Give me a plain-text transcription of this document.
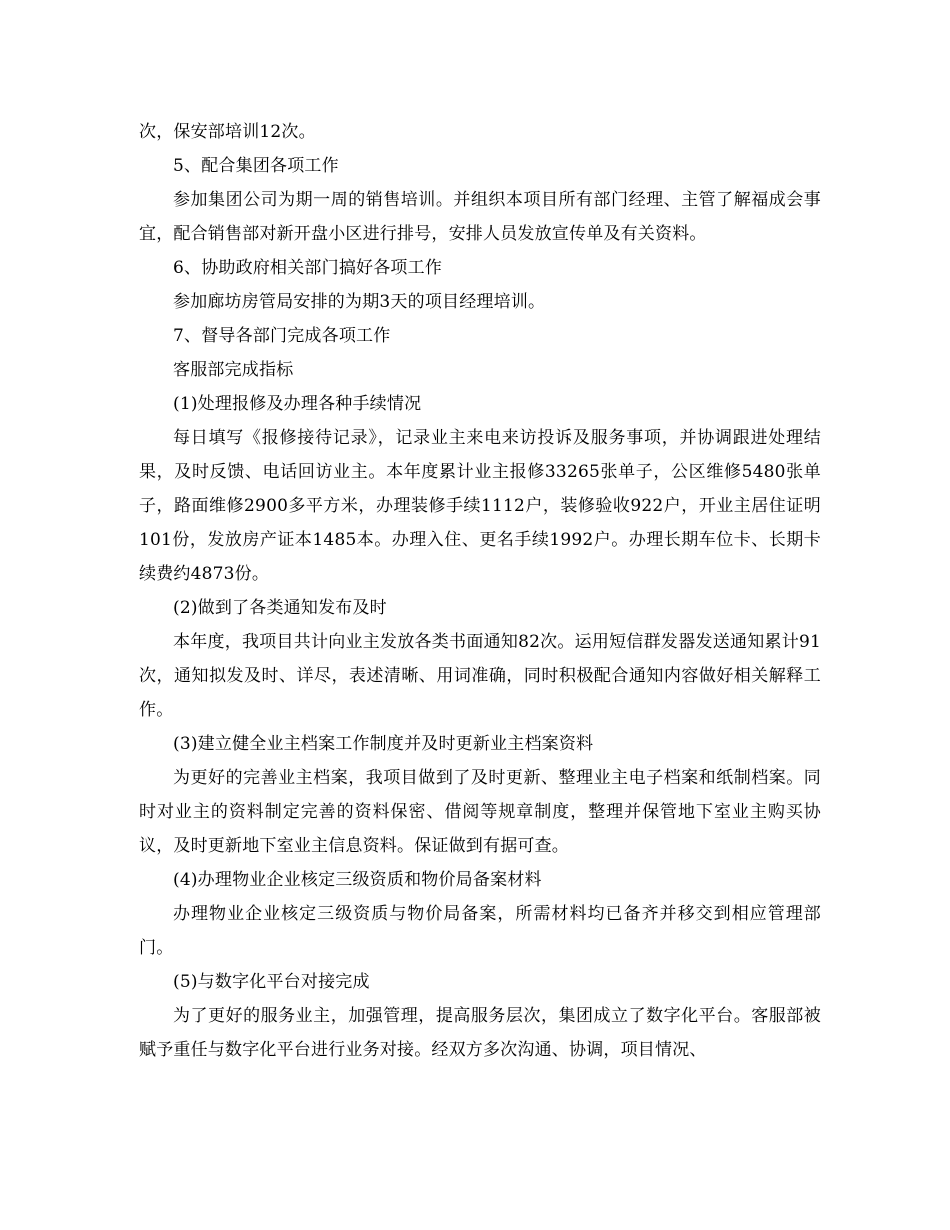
次，保安部培训12次。

5、配合集团各项工作

参加集团公司为期一周的销售培训。并组织本项目所有部门经理、主管了解福成会事宜，配合销售部对新开盘小区进行排号，安排人员发放宣传单及有关资料。

6、协助政府相关部门搞好各项工作

参加廊坊房管局安排的为期3天的项目经理培训。

7、督导各部门完成各项工作

客服部完成指标

(1)处理报修及办理各种手续情况

每日填写《报修接待记录》，记录业主来电来访投诉及服务事项，并协调跟进处理结果，及时反馈、电话回访业主。本年度累计业主报修33265张单子，公区维修5480张单子，路面维修2900多平方米，办理装修手续1112户，装修验收922户，开业主居住证明101份，发放房产证本1485本。办理入住、更名手续1992户。办理长期车位卡、长期卡续费约4873份。

(2)做到了各类通知发布及时

本年度，我项目共计向业主发放各类书面通知82次。运用短信群发器发送通知累计91次，通知拟发及时、详尽，表述清晰、用词准确，同时积极配合通知内容做好相关解释工作。

(3)建立健全业主档案工作制度并及时更新业主档案资料

为更好的完善业主档案，我项目做到了及时更新、整理业主电子档案和纸制档案。同时对业主的资料制定完善的资料保密、借阅等规章制度，整理并保管地下室业主购买协议，及时更新地下室业主信息资料。保证做到有据可查。

(4)办理物业企业核定三级资质和物价局备案材料

办理物业企业核定三级资质与物价局备案，所需材料均已备齐并移交到相应管理部门。

(5)与数字化平台对接完成

为了更好的服务业主，加强管理，提高服务层次，集团成立了数字化平台。客服部被赋予重任与数字化平台进行业务对接。经双方多次沟通、协调，项目情况、
